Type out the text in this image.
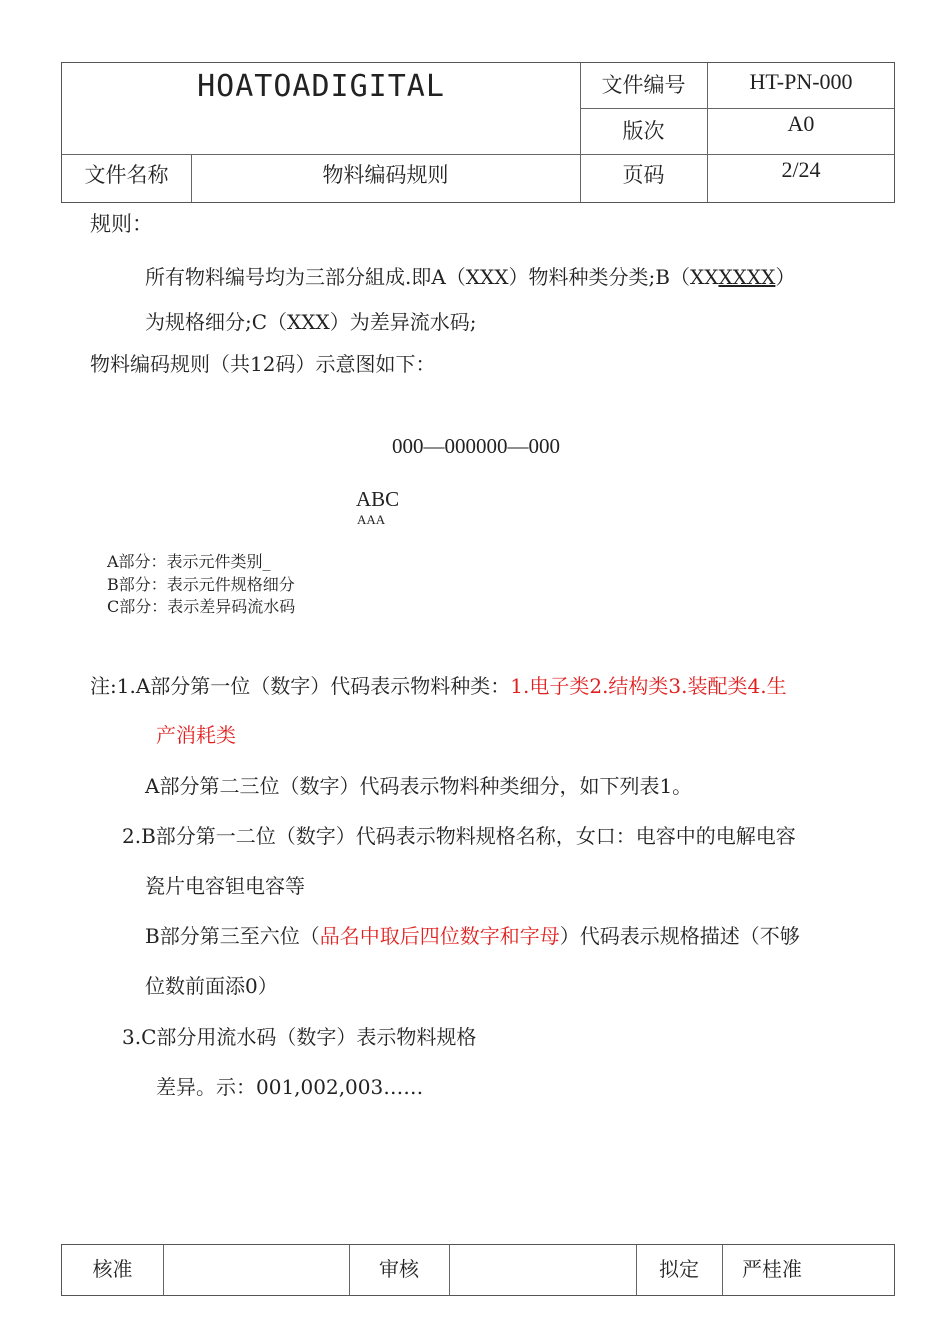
HOATOADIGITAL	文件编号	HT-PN-000
版次	A0
文件名称	物料编码规则	页码	2/24
规则：
所有物料编号均为三部分組成.即A（XXX）物料种类分类;B（XXXXXX）
为规格细分;C（XXX）为差异流水码;
物料编码规则（共12码）示意图如下：
000—000000—000
ABC
AAA
A部分：表示元件类别_
B部分：表示元件规格细分
C部分：表示差异码流水码
注:1.A部分第一位（数字）代码表示物料种类：1.电子类2.结构类3.装配类4.生
产消耗类
A部分第二三位（数字）代码表示物料种类细分，如下列表1。
2.B部分第一二位（数字）代码表示物料规格名称，女口：电容中的电解电容
瓷片电容钽电容等
B部分第三至六位（品名中取后四位数字和字母）代码表示规格描述（不够
位数前面添0）
3.C部分用流水码（数字）表示物料规格
差异。示：001,002,003……
核准	审核	拟定	严桂准
